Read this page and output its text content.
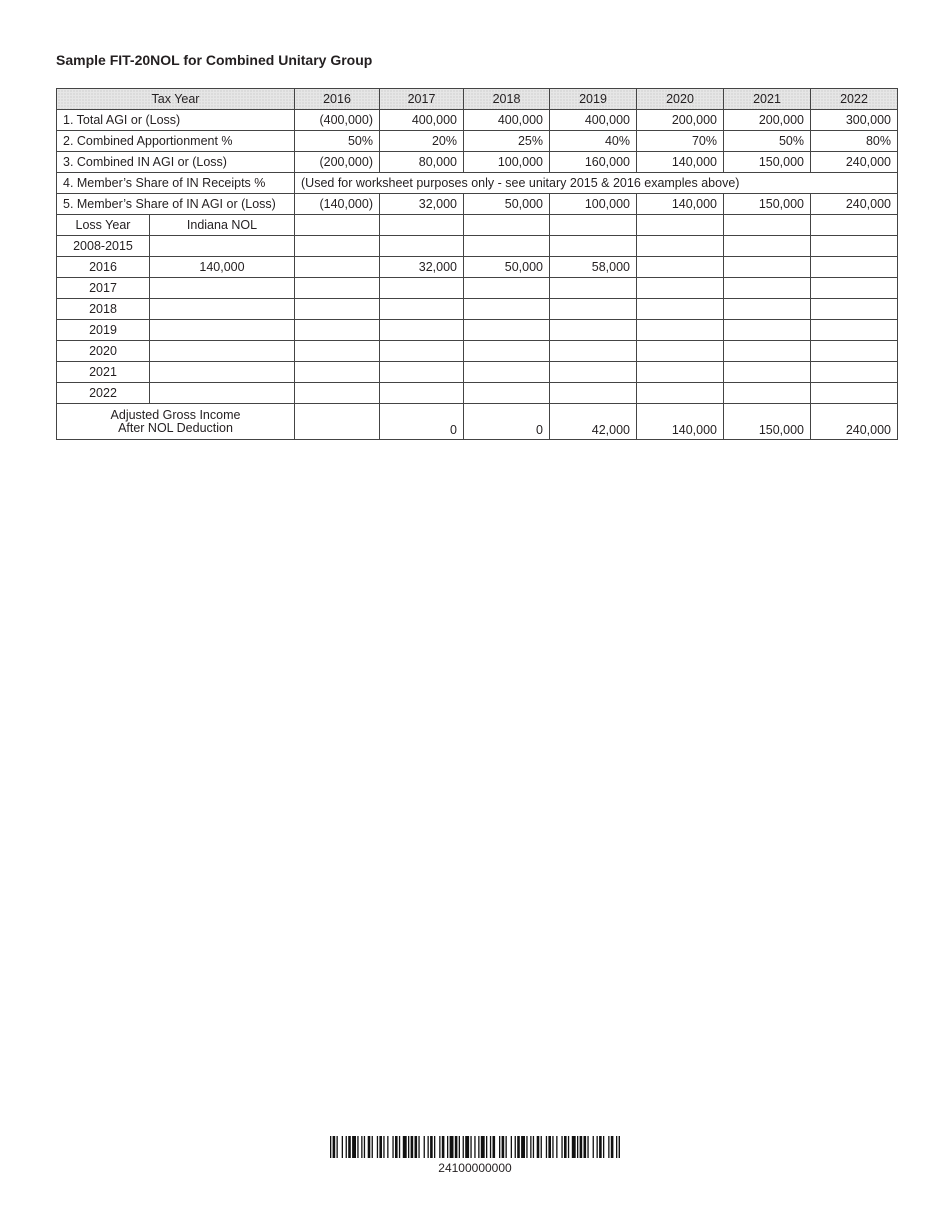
Sample FIT-20NOL for Combined Unitary Group
Tax Year		2016	2017	2018	2019	2020	2021	2022
1. Total AGI or (Loss)		(400,000)	400,000	400,000	400,000	200,000	200,000	300,000
2. Combined Apportionment %		50%	20%	25%	40%	70%	50%	80%
3. Combined IN AGI or (Loss)		(200,000)	80,000	100,000	160,000	140,000	150,000	240,000
4. Member’s Share of IN Receipts %		(Used for worksheet purposes only - see unitary 2015 & 2016 examples above)						
5. Member’s Share of IN AGI or (Loss)		(140,000)	32,000	50,000	100,000	140,000	150,000	240,000
Loss Year	Indiana NOL							
2008-2015								
2016	140,000		32,000	50,000	58,000			
2017								
2018								
2019								
2020								
2021								
2022								

Adjusted Gross Income
After NOL Deduction			0	0	42,000	140,000	150,000	240,000
24100000000
